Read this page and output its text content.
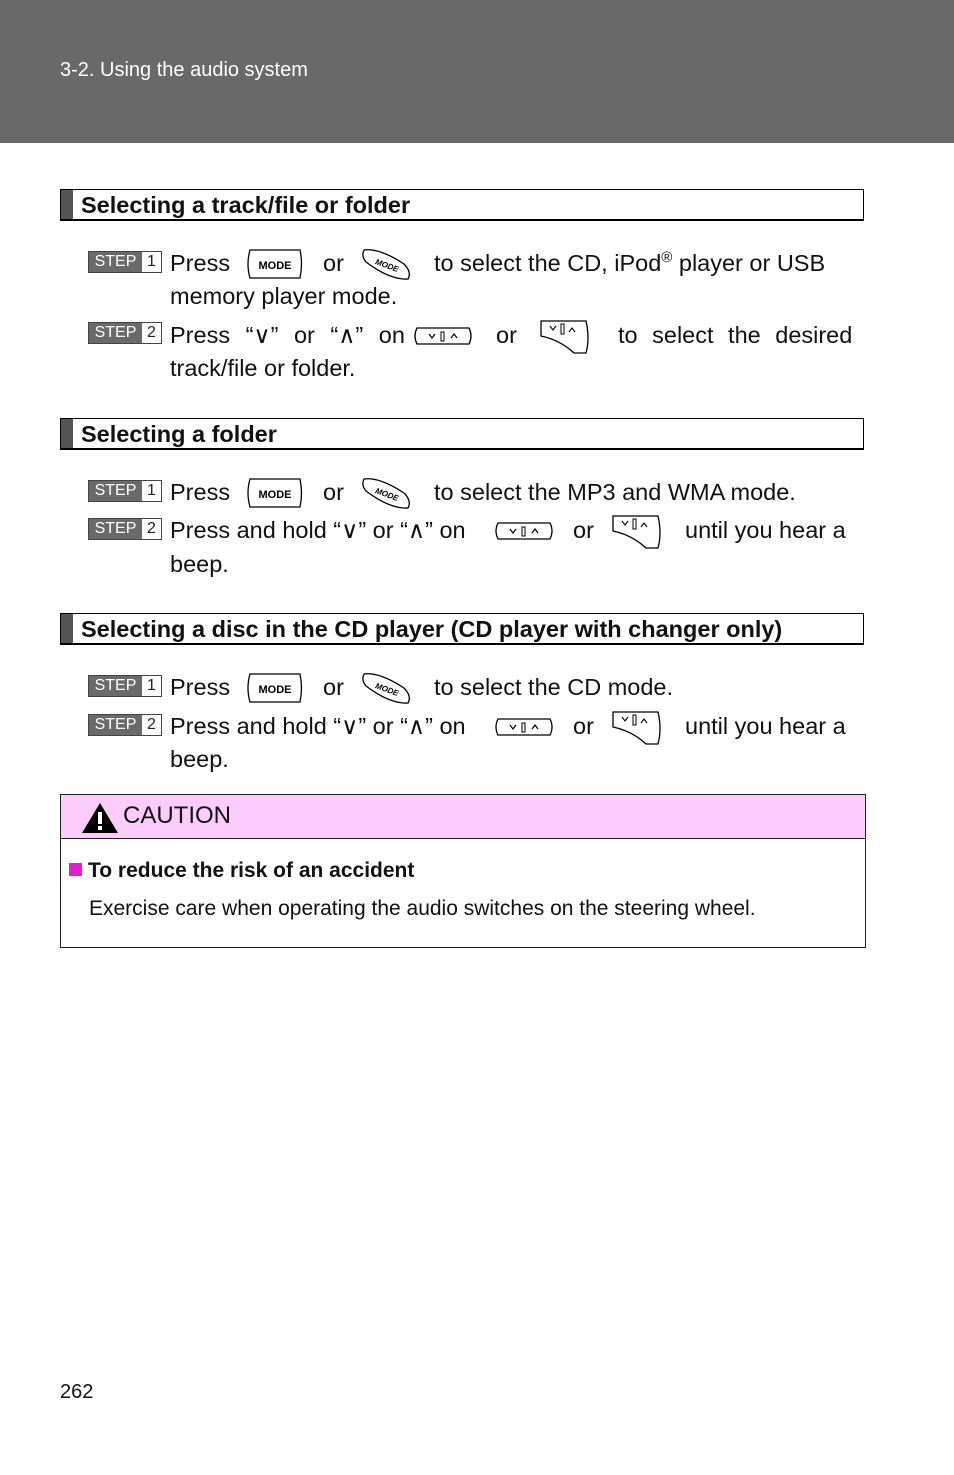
3-2. Using the audio system
Selecting a track/file or folder
STEP 1 Press	MODE or	MODE to select the CD, iPod® player or USB
memory player mode.
STEP 2 Press “∨” or “∧” on	or	to select the desired
track/file or folder.
Selecting a folder
STEP 1 Press	MODE or	MODE to select the MP3 and WMA mode.
STEP 2 Press and hold “∨” or “∧” on	or	until you hear a
beep.
Selecting a disc in the CD player (CD player with changer only)
STEP 1 Press	MODE or	MODE to select the CD mode.
STEP 2 Press and hold “∨” or “∧” on	or	until you hear a
beep.
CAUTION
To reduce the risk of an accident
Exercise care when operating the audio switches on the steering wheel.
262
